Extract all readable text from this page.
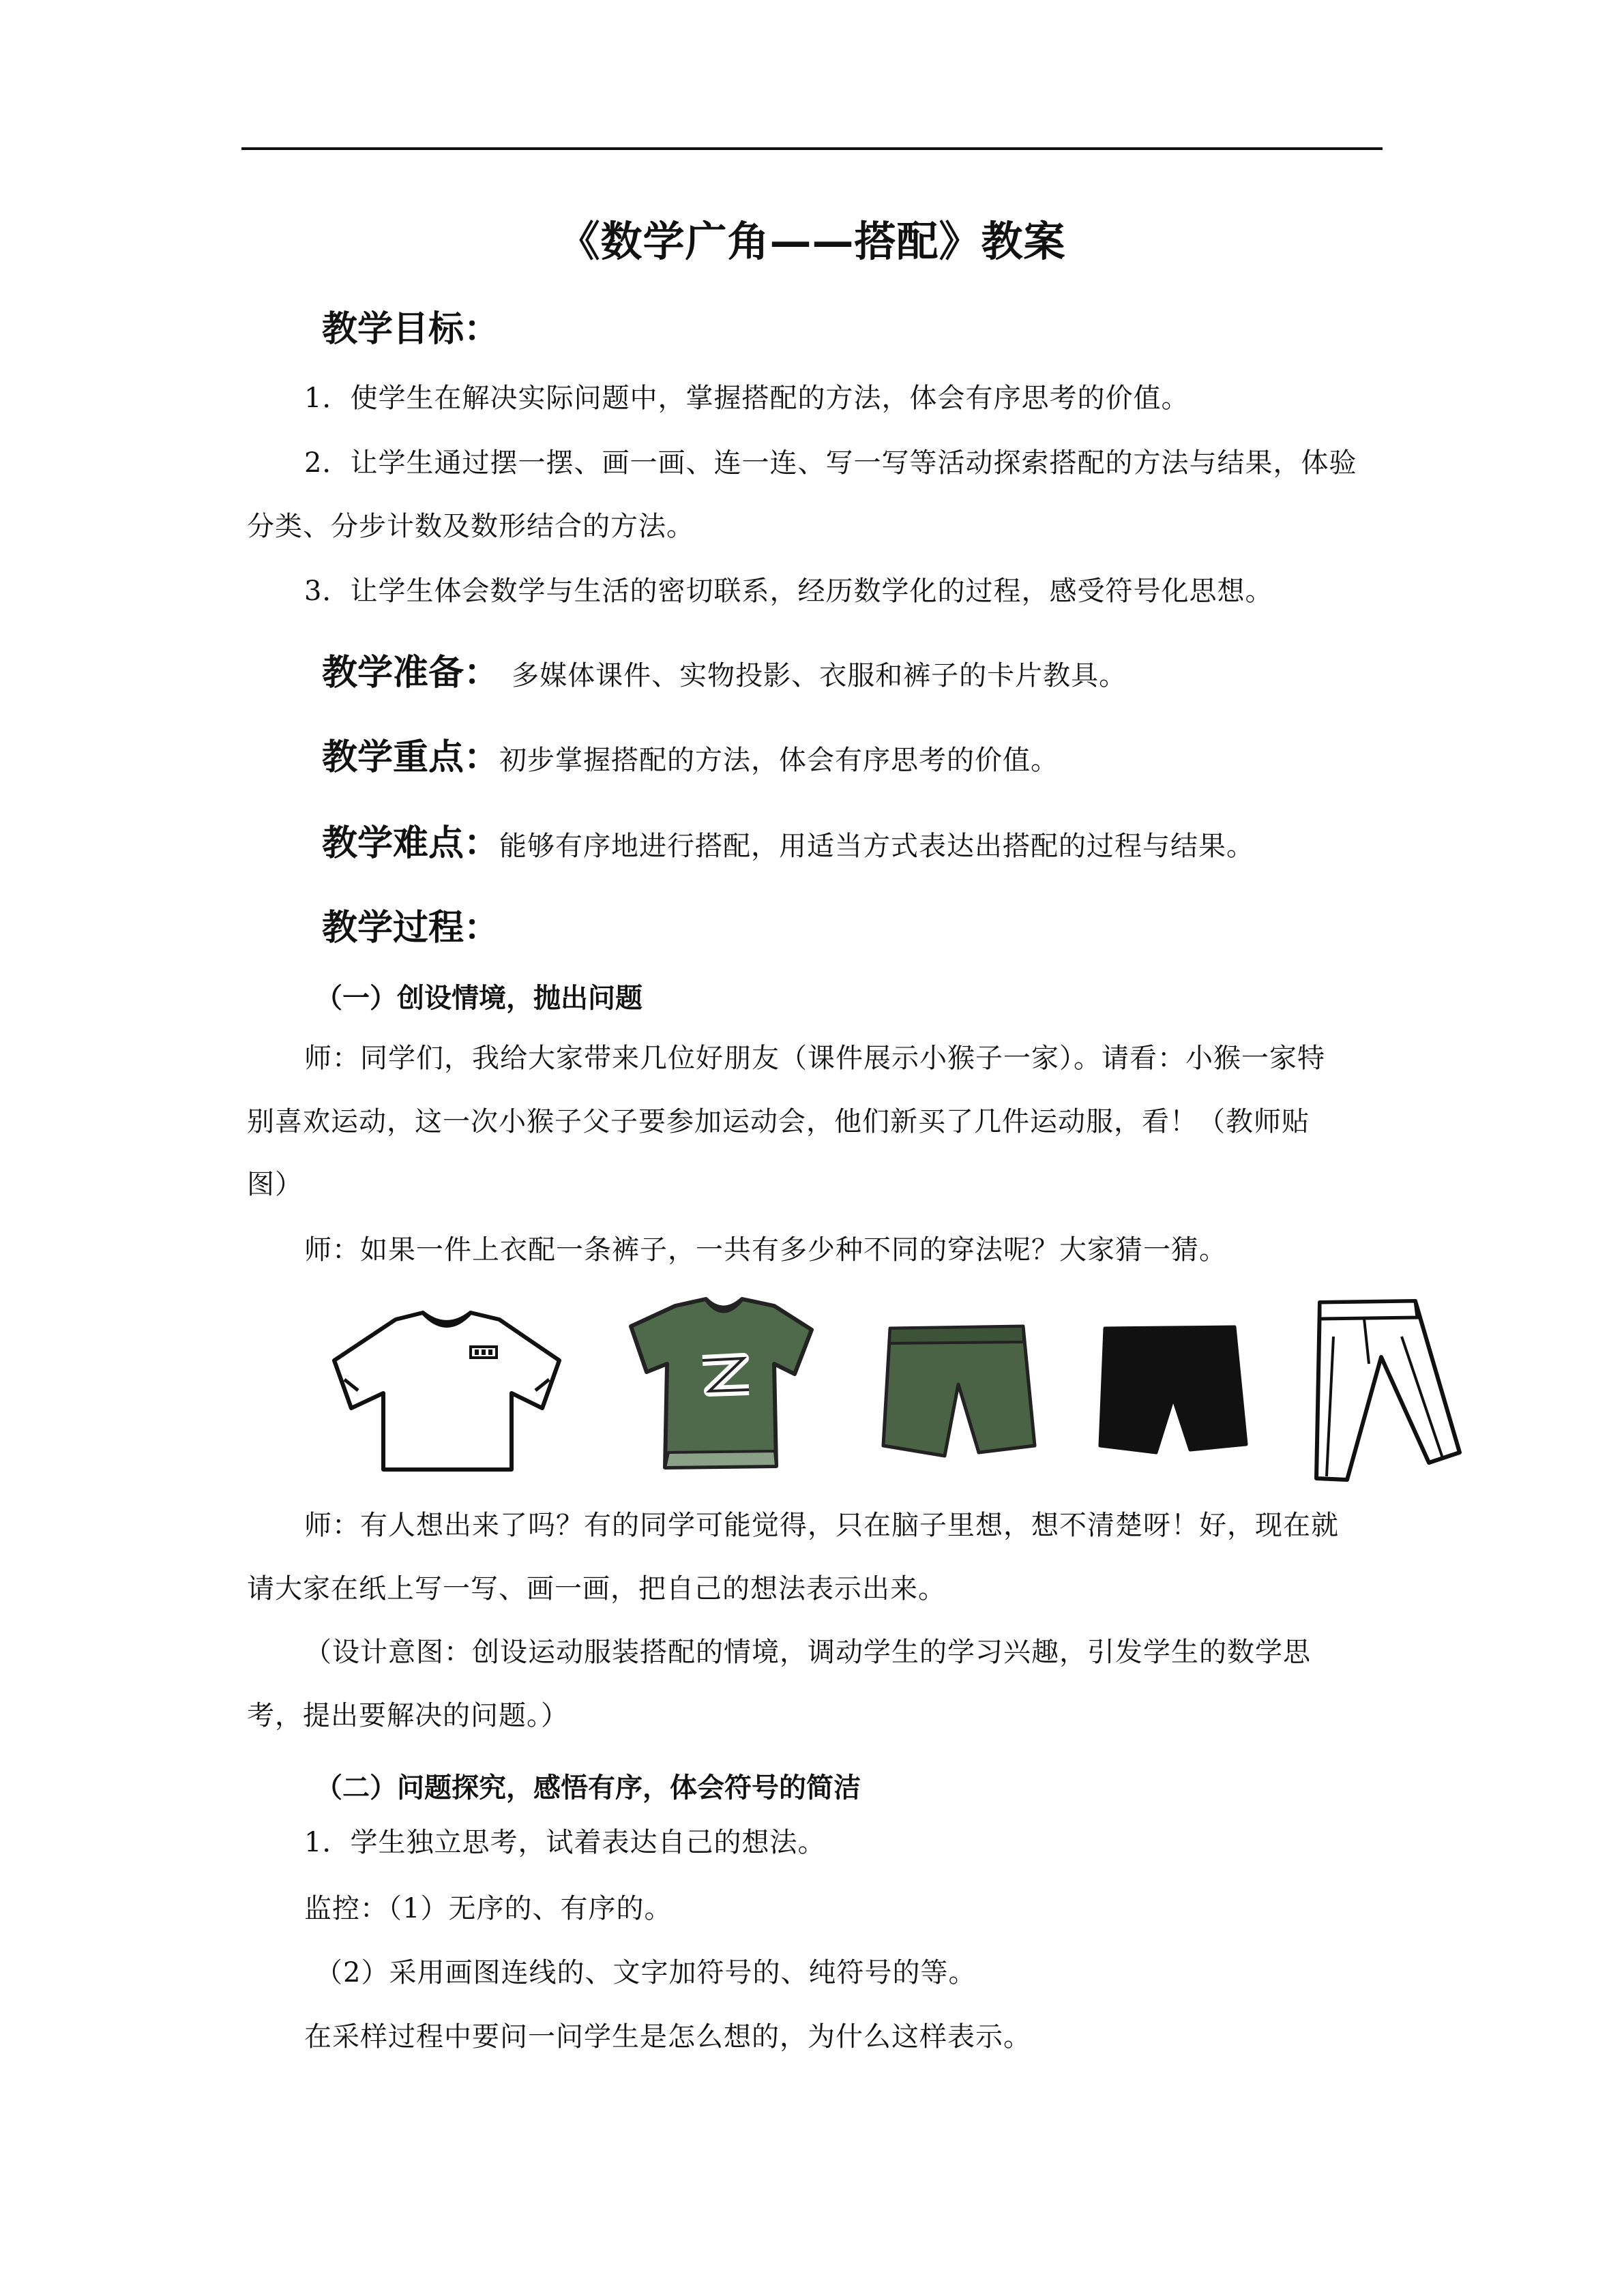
《数学广角——搭配》教案
教学目标：
1．使学生在解决实际问题中，掌握搭配的方法，体会有序思考的价值。
2．让学生通过摆一摆、画一画、连一连、写一写等活动探索搭配的方法与结果，体验
分类、分步计数及数形结合的方法。
3．让学生体会数学与生活的密切联系，经历数学化的过程，感受符号化思想。
教学准备： 多媒体课件、实物投影、衣服和裤子的卡片教具。
教学重点：初步掌握搭配的方法，体会有序思考的价值。
教学难点：能够有序地进行搭配，用适当方式表达出搭配的过程与结果。
教学过程：
（一）创设情境，抛出问题
师：同学们，我给大家带来几位好朋友（课件展示小猴子一家）。请看：小猴一家特
别喜欢运动，这一次小猴子父子要参加运动会，他们新买了几件运动服，看！（教师贴
图）
师：如果一件上衣配一条裤子，一共有多少种不同的穿法呢？大家猜一猜。
师：有人想出来了吗？有的同学可能觉得，只在脑子里想，想不清楚呀！好，现在就
请大家在纸上写一写、画一画，把自己的想法表示出来。
（设计意图：创设运动服装搭配的情境，调动学生的学习兴趣，引发学生的数学思
考，提出要解决的问题。）
（二）问题探究，感悟有序，体会符号的简洁
1．学生独立思考，试着表达自己的想法。
监控：（1）无序的、有序的。
（2）采用画图连线的、文字加符号的、纯符号的等。
在采样过程中要问一问学生是怎么想的，为什么这样表示。
